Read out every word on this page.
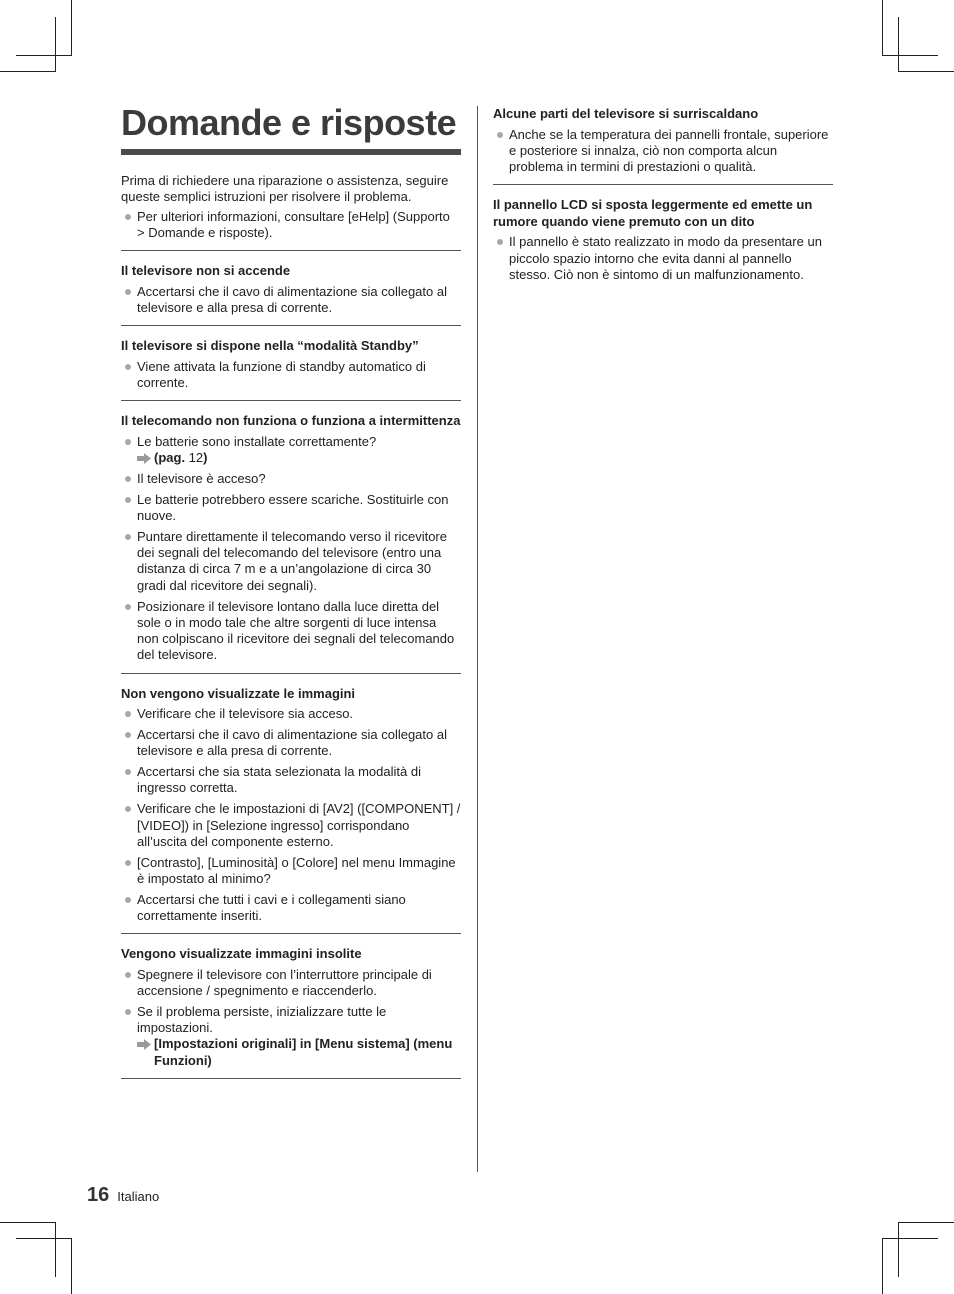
Domande e risposte

Prima di richiedere una riparazione o assistenza, seguire queste semplici istruzioni per risolvere il problema.

Per ulteriori informazioni, consultare [eHelp] (Supporto > Domande e risposte).
Il televisore non si accende
Accertarsi che il cavo di alimentazione sia collegato al televisore e alla presa di corrente.
Il televisore si dispone nella “modalità Standby”
Viene attivata la funzione di standby automatico di corrente.
Il telecomando non funziona o funziona a intermittenza
Le batterie sono installate correttamente?
(pag. 12)
Il televisore è acceso?
Le batterie potrebbero essere scariche. Sostituirle con nuove.
Puntare direttamente il telecomando verso il ricevitore dei segnali del telecomando del televisore (entro una distanza di circa 7 m e a un’angolazione di circa 30 gradi dal ricevitore dei segnali).
Posizionare il televisore lontano dalla luce diretta del sole o in modo tale che altre sorgenti di luce intensa non colpiscano il ricevitore dei segnali del telecomando del televisore.
Non vengono visualizzate le immagini
Verificare che il televisore sia acceso.
Accertarsi che il cavo di alimentazione sia collegato al televisore e alla presa di corrente.
Accertarsi che sia stata selezionata la modalità di ingresso corretta.
Verificare che le impostazioni di [AV2] ([COMPONENT] / [VIDEO]) in [Selezione ingresso] corrispondano all’uscita del componente esterno.
[Contrasto], [Luminosità] o [Colore] nel menu Immagine è impostato al minimo?
Accertarsi che tutti i cavi e i collegamenti siano correttamente inseriti.
Vengono visualizzate immagini insolite
Spegnere il televisore con l’interruttore principale di accensione / spegnimento e riaccenderlo.
Se il problema persiste, inizializzare tutte le impostazioni.
[Impostazioni originali] in [Menu sistema] (menu Funzioni)
Alcune parti del televisore si surriscaldano
Anche se la temperatura dei pannelli frontale, superiore e posteriore si innalza, ciò non comporta alcun problema in termini di prestazioni o qualità.
Il pannello LCD si sposta leggermente ed emette un rumore quando viene premuto con un dito
Il pannello è stato realizzato in modo da presentare un piccolo spazio intorno che evita danni al pannello stesso. Ciò non è sintomo di un malfunzionamento.
16 Italiano
